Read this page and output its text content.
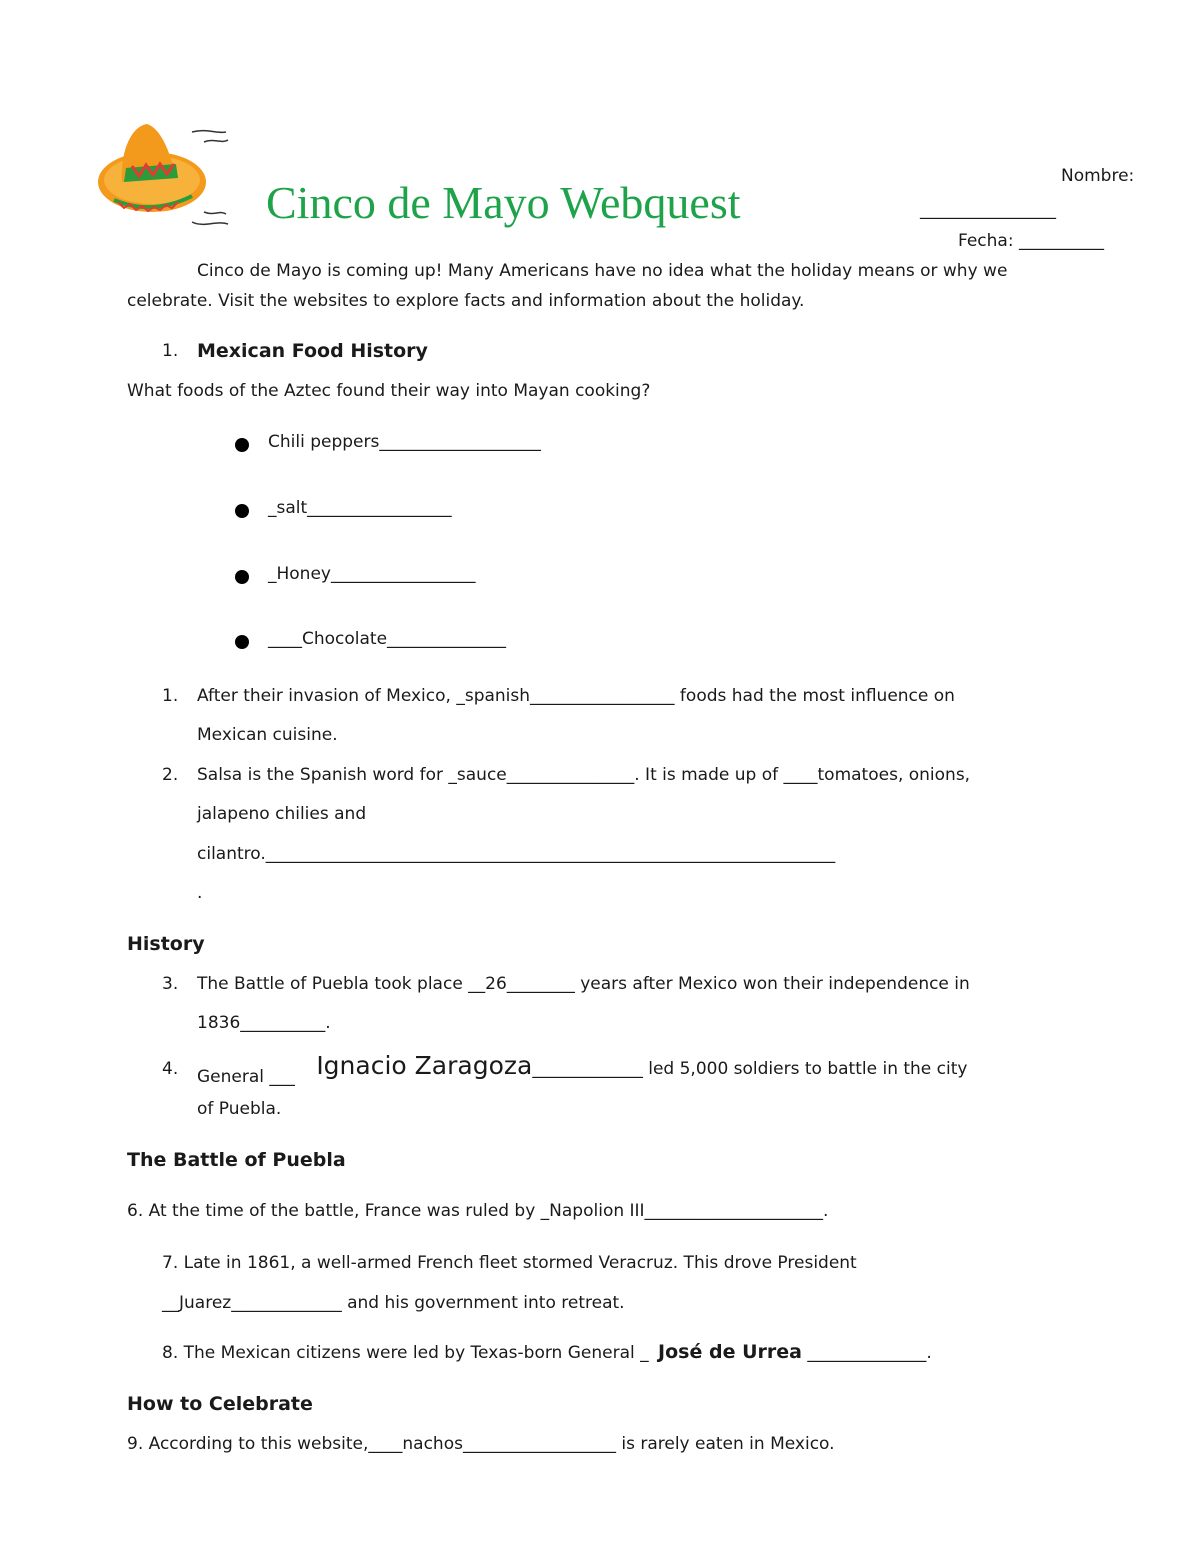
Cinco de Mayo Webquest
Nombre:
________________
Fecha: __________
Cinco de Mayo is coming up! Many Americans have no idea what the holiday means or why we
celebrate. Visit the websites to explore facts and information about the holiday.
1. Mexican Food History
What foods of the Aztec found their way into Mayan cooking?
Chili peppers___________________
_salt_________________
_Honey_________________
____Chocolate______________
1. After their invasion of Mexico, _spanish_________________ foods had the most influence on
Mexican cuisine.
2. Salsa is the Spanish word for _sauce_______________. It is made up of ____tomatoes, onions,
jalapeno chilies and
cilantro.___________________________________________________________________
.
History
3. The Battle of Puebla took place __26________ years after Mexico won their independence in
1836__________.
4. General ___ Ignacio Zaragoza_____________ led 5,000 soldiers to battle in the city
of Puebla.
The Battle of Puebla
6. At the time of the battle, France was ruled by _Napolion III_____________________.
7. Late in 1861, a well-armed French fleet stormed Veracruz. This drove President
__Juarez_____________ and his government into retreat.
8. The Mexican citizens were led by Texas-born General _ José de Urrea ______________.
How to Celebrate
9. According to this website,____nachos__________________ is rarely eaten in Mexico.
